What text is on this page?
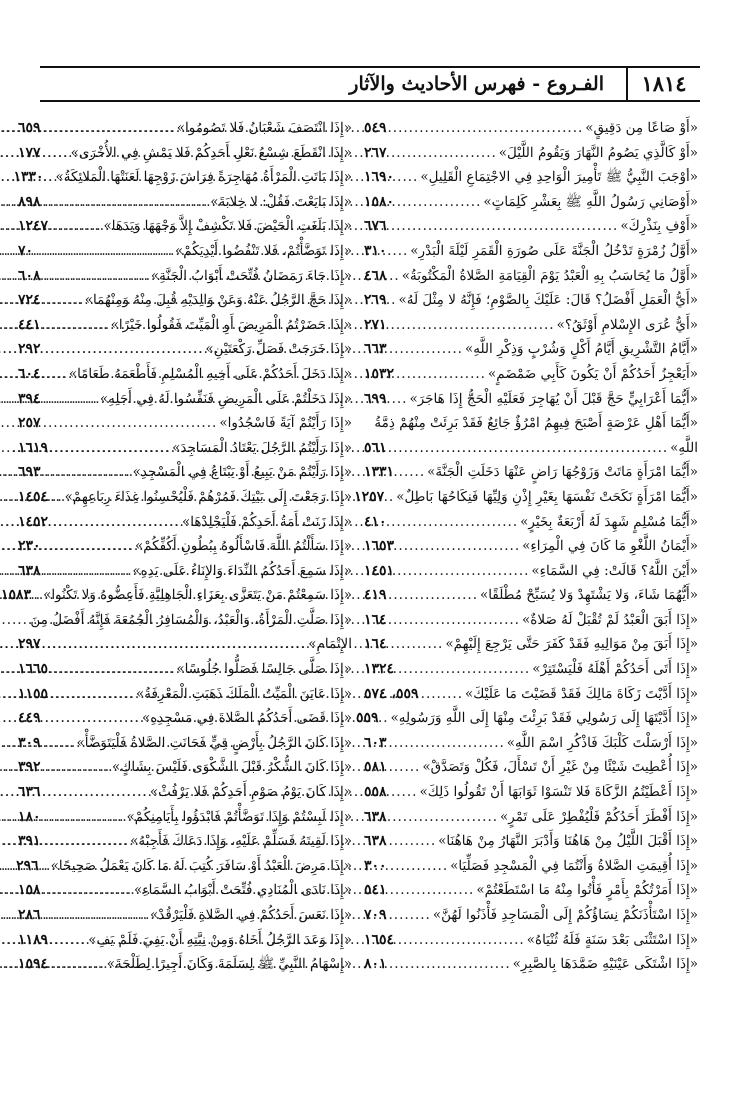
١٨١٤
الفـروع - فهرس الأحاديث والآثار
«أَوْ صَاعًا مِن دَقِيقٍ»
.....
٥٤٩
«أَوْ كَالَّذِي يَصُومُ النَّهَارَ وَيَقُومُ اللَّيْلَ»
.....
٢٦٧
«أوْجَبَ النَّبِيُّ ﷺ تَأْمِيرَ الْوَاحِدِ فِي الاجْتِمَاعِ الْقَلِيلِ»
.....
١٦٩٠
«أَوْصَانِي رَسُولُ اللَّهِ ﷺ بِعَشْرِ كَلِمَاتٍ»
.....
١٥٨٠
«أَوْفِ بِنَذْرِكَ»
.....
٦٧٦
«أَوَّلُ زُمْرَةٍ تَدْخُلُ الْجَنَّةَ عَلَى صُورَةِ الْقَمَرِ لَيْلَةَ الْبَدْرِ»
.....
٣١٠
«أَوَّلُ مَا يُحَاسَبُ بِهِ الْعَبْدُ يَوْمَ الْقِيَامَةِ الصَّلاةُ الْمَكْتُوبَةُ»
.....
٤٦٨
«أَيُّ الْعَمَلِ أَفْضَلُ؟ قَالَ: عَلَيْكَ بِالصَّوْمِ؛ فَإِنَّهُ لا مِثْلَ لَهُ»
.....
٢٦٩
«أَيُّ عُرَى الإِسْلامِ أَوْثَقُ؟»
.....
٢٧١
«أَيَّامُ التَّشْرِيقِ أَيَّامُ أَكْلٍ وَشُرْبٍ وَذِكْرِ اللَّهِ»
.....
٦٦٣
«أَيَعْجِزُ أَحَدُكُمْ أَنْ يَكُونَ كَأَبِي ضَمْضَمٍ»
.....
١٥٣٢
«أَيُّمَا أَعْرَابِيٍّ حَجَّ قَبْلَ أَنْ يُهَاجِرَ فَعَلَيْهِ الْحَجُّ إِذَا هَاجَرَ»
.....
٦٩٩
«أَيُّمَا أَهْلِ عَرْصَةٍ أَصْبَحَ فِيهِمُ امْرُؤٌ جَائِعٌ فَقَدْ بَرِئَتْ مِنْهُمْ ذِمَّةُ
اللَّهِ»
.....
٥٦١
«أَيُّمَا امْرَأَةٍ مَاتَتْ وَزَوْجُهَا رَاضٍ عَنْهَا دَخَلَتِ الْجَنَّةَ»
.....
١٣٣١
«أَيُّمَا امْرَأَةٍ نَكَحَتْ نَفْسَهَا بِغَيْرِ إِذْنِ وَلِيِّهَا فَنِكَاحُهَا بَاطِلٌ»
.....
١٢٥٧
«أَيُّمَا مُسْلِمٍ شَهِدَ لَهُ أَرْبَعَةٌ بِخَيْرٍ»
.....
٤١٠
«أَيْمَانُ اللَّغْوِ مَا كَانَ فِي الْمِرَاءِ»
.....
١٦٥٣
«أَيْنَ اللَّهُ؟ قَالَتْ: فِي السَّمَاءِ»
.....
١٤٥١
«أَيُّهُمَا شَاءَ، وَلا يَشْتَهِدْ وَلا يُسَبِّحْ مُطْلَقًا»
.....
٤١٩
«إِذَا أَبَقَ الْعَبْدُ لَمْ تُقْبَلْ لَهُ صَلاةٌ»
.....
١٦٤
«إِذَا أَبَقَ مِنْ مَوَالِيهِ فَقَدْ كَفَرَ حَتَّى يَرْجِعَ إِلَيْهِمْ»
.....
١٦٤
«إِذَا أَتَى أَحَدُكُمْ أَهْلَهُ فَلْيَسْتَتِرْ»
.....
١٣٢٤
«إِذَا أَدَّيْتَ زَكَاةَ مَالِكَ فَقَدْ قَضَيْتَ مَا عَلَيْكَ»
.....
٥٥٩، ٥٧٤
«إِذَا أَدَّيْتَهَا إِلَى رَسُولِي فَقَدْ بَرِئْتَ مِنْهَا إِلَى اللَّهِ وَرَسُولِهِ»
.....
٥٥٩
«إِذَا أَرْسَلْتَ كَلْبَكَ فَاذْكُرِ اسْمَ اللَّهِ»
.....
٦٠٣
«إِذَا أُعْطِيتَ شَيْئًا مِنْ غَيْرِ أَنْ تَسْأَلَ، فَكُلْ وَتَصَدَّقْ»
.....
٥٨١
«إِذَا أَعْطَيْتُمُ الزَّكَاةَ فَلا تَنْسَوْا ثَوَابَهَا أَنْ تَقُولُوا ذَلِكَ»
.....
٥٥٨
«إِذَا أَفْطَرَ أَحَدُكُمْ فَلْيُفْطِرْ عَلَى تَمْرٍ»
.....
٦٣٨
«إِذَا أَقْبَلَ اللَّيْلُ مِنْ هَاهُنَا وَأَدْبَرَ النَّهَارُ مِنْ هَاهُنَا»
.....
٦٣٨
«إِذَا أُقِيمَتِ الصَّلاةُ وَأَنْتُمَا فِي الْمَسْجِدِ فَصَلِّيَا»
.....
٣٠٠
«إِذَا أَمَرْتُكُمْ بِأَمْرٍ فَأْتُوا مِنْهُ مَا اسْتَطَعْتُمْ»
.....
٥٤١
«إِذَا اسْتَأْذَنَكُمْ نِسَاؤُكُمْ إِلَى الْمَسَاجِدِ فَأْذَنُوا لَهُنَّ»
.....
٧٠٩
«إِذَا اسْتَثْنَى بَعْدَ سَنَةٍ فَلَهُ ثُنْيَاهُ»
.....
١٦٥٤
«إِذَا اشْتَكَى عَيْنَيْهِ ضَمَّدَهَا بِالصَّبِرِ»
.....
٨٠١
«إِذَا انْتَصَفَ شَعْبَانُ فَلا تَصُومُوا»
.....
٦٥٩
«إِذَا انْقَطَعَ شِسْعُ نَعْلِ أَحَدِكُمْ فَلا يَمْشِ فِي الأُخْرَى»
.....
١٧٧
«إِذَا بَاتَتِ الْمَرْأَةُ مُهَاجِرَةً فِرَاشَ زَوْجِهَا لَعَنَتْهَا الْمَلائِكَةُ»
.....
١٣٣٠
«إِذَا بَايَعْتَ فَقُلْ: لا خِلابَةَ»
.....
٨٩٨
«إِذَا بَلَغَتِ الْحَيْضَ فَلا تَكْشِفْ إِلاَّ وَجْهَهَا وَيَدَهَا»
.....
١٢٤٧
«إِذَا تَوَضَّأْتُمْ، فَلا تَنْفُضُوا أَيْدِيَكُمْ»
.....
٧٠
«إِذَا جَاءَ رَمَضَانُ فُتِّحَتْ أَبْوَابُ الْجَنَّةِ»
.....
٦٠٨
«إِذَا حَجَّ الرَّجُلُ عَنْهُ وَعَنْ وَالِدَيْهِ قُبِلَ مِنْهُ وَمِنْهُمَا»
.....
٧٢٤
«إِذَا حَضَرْتُمُ الْمَرِيضَ أَوِ الْمَيِّتَ فَقُولُوا خَيْرًا»
.....
٤٤١
«إِذَا خَرَجَتْ فَصَلِّ رَكْعَتَيْنِ»
.....
٢٩٢
«إِذَا دَخَلَ أَحَدُكُمْ عَلَى أَخِيهِ الْمُسْلِمِ فَأَطْعَمَهُ طَعَامًا»
.....
٦٠٤
«إِذَا دَخَلْتُمْ عَلَى الْمَرِيضِ فَنَفِّسُوا لَهُ فِي أَجَلِهِ»
.....
٣٩٤
«إِذَا رَأَيْتُمْ آيَةً فَاسْجُدُوا»
.....
٢٥٧
«إِذَا رَأَيْتُمُ الرَّجُلَ يَعْتَادُ الْمَسَاجِدَ»
.....
١٦١٩
«إِذَا رَأَيْتُمْ مَنْ يَبِيعُ أَوْ يَبْتَاعُ فِي الْمَسْجِدِ»
.....
٦٩٣
«إِذَا رَجَعْتَ إِلَى بَيْتِكَ فَمُرْهُمْ فَلْيُحْسِنُوا غِذَاءَ رِبَاعِهِمْ»
.....
١٤٥٤
«إِذَا زَنَتْ أَمَةُ أَحَدِكُمْ فَلْيَجْلِدْهَا»
.....
١٤٥٢
«إِذَا سَأَلْتُمُ اللَّهَ فَاسْأَلُوهُ بِبُطُونِ أَكُفِّكُمْ»
.....
٢٣٠
«إِذَا سَمِعَ أَحَدُكُمُ النِّدَاءَ وَالإِنَاءُ عَلَى يَدِهِ»
.....
٦٣٨
«إِذَا سَمِعْتُمْ مَنْ يَتَعَزَّى بِعَزَاءِ الْجَاهِلِيَّةِ فَأَعِضُّوهُ وَلا تَكْنُوا»
.....
١٥٨٣
«إِذَا صَلَّتِ الْمَرْأَةُ، وَالْعَبْدُ، وَالْمُسَافِرُ الْجُمُعَةَ فَإِنَّهُ أَفْضَلُ مِنَ
الإِتْمَامِ»
.....
٢٩٧
«إِذَا صَلَّى جَالِسًا فَصَلُّوا جُلُوسًا»
.....
١٦٦٥
«إِذَا عَايَنَ الْمَيِّتُ الْمَلَكَ ذَهَبَتِ الْمَعْرِفَةُ»
.....
١١٥٥
«إِذَا قَضَى أَحَدُكُمُ الصَّلاةَ فِي مَسْجِدِهِ»
.....
٤٤٩
«إِذَا كَانَ الرَّجُلُ بِأَرْضٍ قِيٍّ فَحَانَتِ الصَّلاةُ فَلْيَتَوَضَّأْ»
.....
٣٠٩
«إِذَا كَانَ الشُّكْرُ قَبْلَ الشَّكْوَى فَلَيْسَ بِشَاكٍ»
.....
٣٩٢
«إِذَا كَانَ يَوْمُ صَوْمِ أَحَدِكُمْ فَلا يَرْفُثْ»
.....
٦٣٦
«إِذَا لَبِسْتُمْ وَإِذَا تَوَضَّأْتُمْ فَابْدَؤُوا بِأَيَامِنِكُمْ»
.....
١٨٠
«إِذَا لَقِيتَهُ فَسَلِّمْ عَلَيْهِ، وَإِذَا دَعَاكَ فَأَجِبْهُ»
.....
٣٩١
«إِذَا مَرِضَ الْعَبْدُ أَوْ سَافَرَ كُتِبَ لَهُ مَا كَانَ يَعْمَلُ صَحِيحًا»
.....
٢٩٦
«إِذَا نَادَى الْمُنَادِي فُتِّحَتْ أَبْوَابُ السَّمَاءِ»
.....
١٥٨
«إِذَا نَعَسَ أَحَدُكُمْ فِي الصَّلاةِ فَلْيَرْقُدْ»
.....
٢٨٦
«إِذَا وَعَدَ الرَّجُلُ أَخَاهُ وَمِنْ نِيَّتِهِ أَنْ يَفِيَ فَلَمْ يَفِ»
.....
١١٨٩
«إِسْهَامُ النَّبِيِّ ﷺ لِسَلَمَةَ وَكَانَ أَجِيرًا لِطَلْحَةَ»
.....
١٥٩٤
